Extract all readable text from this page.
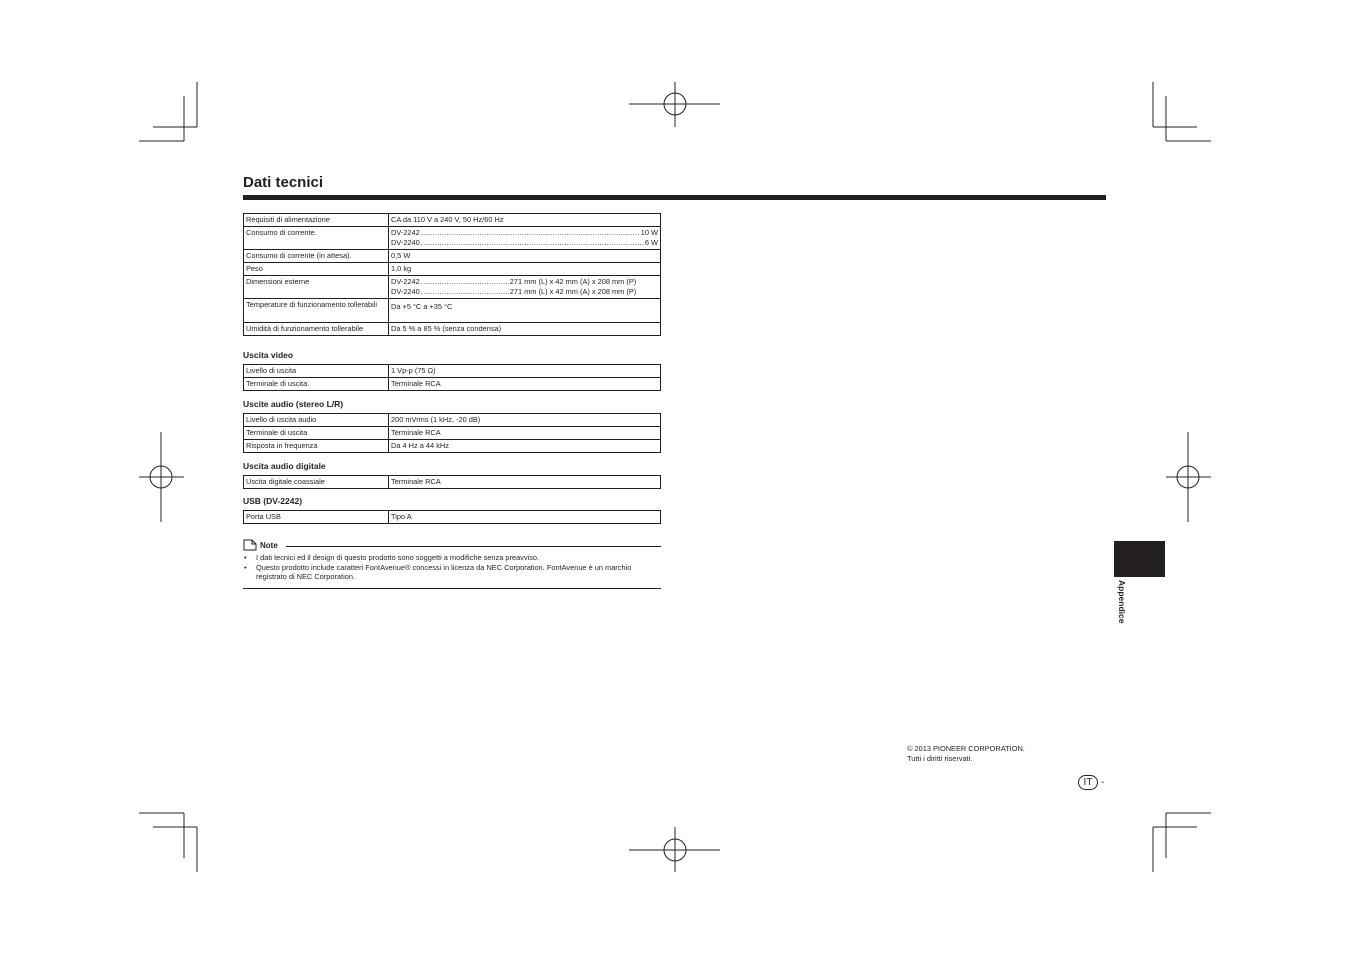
Dati tecnici
Requisiti di alimentazione	CA da 110 V a 240 V, 50 Hz/60 Hz
Consumo di corrente.	DV-2242 ..... 10 W
DV-2240 ..... 6 W

Consumo di corrente (in attesa).	0,5 W
Peso	1,0 kg
Dimensioni esterne	DV-2242 ..... 271 mm (L) x 42 mm (A) x 208 mm (P)
DV-2240 ..... 271 mm (L) x 42 mm (A) x 208 mm (P)

Temperature di funzionamento tollerabili	Da +5 °C a +35 °C
Umidità di funzionamento tollerabile	Da 5 % a 85 % (senza condensa)
Uscita video
Livello di uscita	1 Vp-p (75 Ω)
Terminale di uscita.	Terminale RCA
Uscite audio (stereo L/R)
Livello di uscita audio	200 mVrms (1 kHz, -20 dB)
Terminale di uscita	Terminale RCA
Risposta in frequenza	Da 4 Hz a 44 kHz
Uscita audio digitale
Uscita digitale coassiale	Terminale RCA
USB (DV-2242)
Porta USB	Tipo A
Note
• I dati tecnici ed il design di questo prodotto sono soggetti a modifiche senza preavviso.
• Questo prodotto include caratteri FontAvenue® concessi in licenza da NEC Corporation. FontAvenue è un marchio registrato di NEC Corporation.
Appendice
© 2013 PIONEER CORPORATION.
Tutti i diritti riservati.
IT -
